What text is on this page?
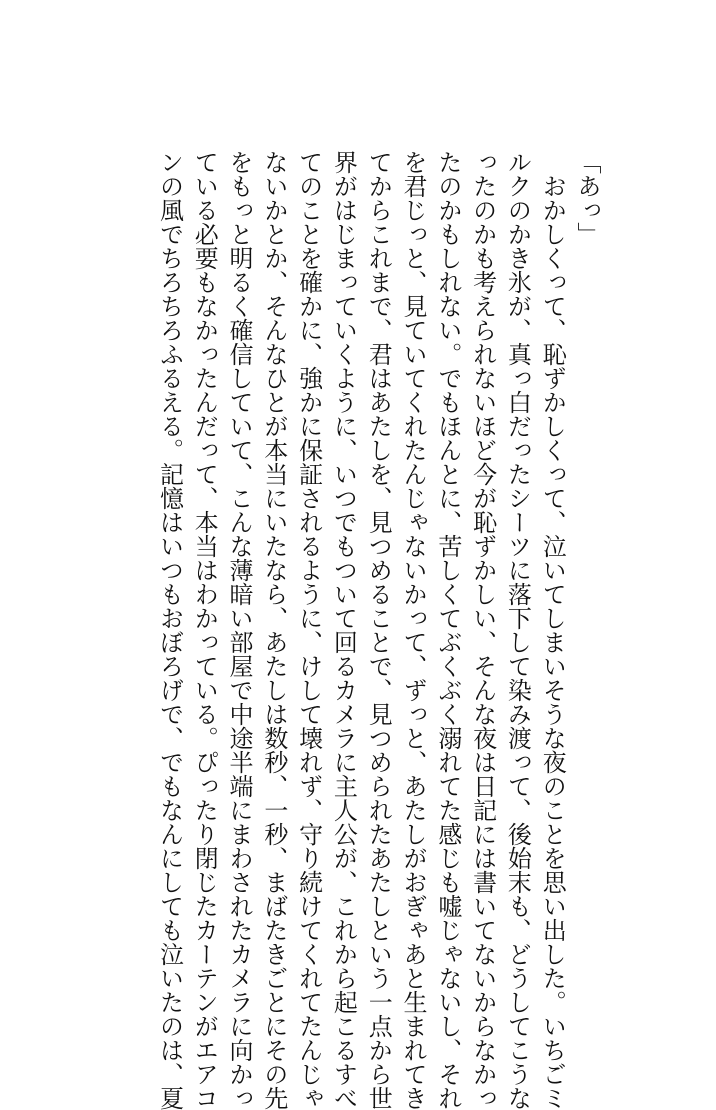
「あっ」
　おかしくって、恥ずかしくって、泣いてしまいそうな夜のことを思い出した。いちごミ
ルクのかき氷が、真っ白だったシーツに落下して染み渡って、後始末も、どうしてこうな
ったのかも考えられないほど今が恥ずかしい、そんな夜は日記には書いてないからなかっ
たのかもしれない。でもほんとに、苦しくてぶくぶく溺れてた感じも嘘じゃないし、それ
を君じっと、見ていてくれたんじゃないかって、ずっと、あたしがおぎゃあと生まれてき
てからこれまで、君はあたしを、見つめることで、見つめられたあたしという一点から世
界がはじまっていくように、いつでもついて回るカメラに主人公が、これから起こるすべ
てのことを確かに、強かに保証されるように、けして壊れず、守り続けてくれてたんじゃ
ないかとか、そんなひとが本当にいたなら、あたしは数秒、一秒、まばたきごとにその先
をもっと明るく確信していて、こんな薄暗い部屋で中途半端にまわされたカメラに向かっ
ている必要もなかったんだって、本当はわかっている。ぴったり閉じたカーテンがエアコ
ンの風でちろちろふるえる。記憶はいつもおぼろげで、でもなんにしても泣いたのは、夏
